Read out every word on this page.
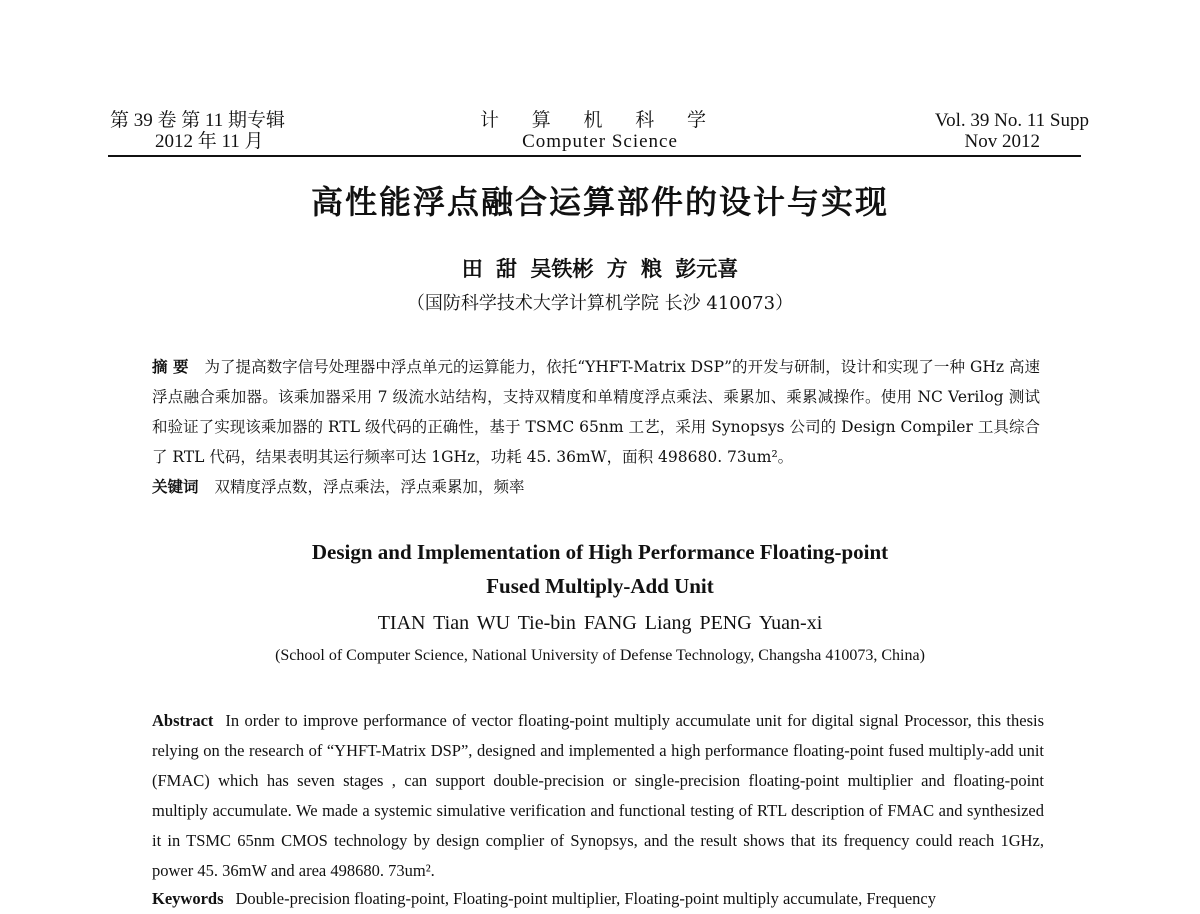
第 39 卷 第 11 期专辑
2012 年 11 月
计 算 机 科 学
Computer Science
Vol. 39 No. 11 Supp
Nov 2012
高性能浮点融合运算部件的设计与实现
田 甜 吴铁彬 方 粮 彭元喜
（国防科学技术大学计算机学院 长沙 410073）

摘 要 为了提高数字信号处理器中浮点单元的运算能力，依托“YHFT-Matrix DSP”的开发与研制，设计和实现了一种 GHz 高速浮点融合乘加器。该乘加器采用 7 级流水站结构，支持双精度和单精度浮点乘法、乘累加、乘累减操作。使用 NC Verilog 测试和验证了实现该乘加器的 RTL 级代码的正确性，基于 TSMC 65nm 工艺，采用 Synopsys 公司的 Design Compiler 工具综合了 RTL 代码，结果表明其运行频率可达 1GHz，功耗 45. 36mW，面积 498680. 73um²。

关键词 双精度浮点数，浮点乘法，浮点乘累加，频率

Design and Implementation of High Performance Floating-point
Fused Multiply-Add Unit
TIAN Tian WU Tie-bin FANG Liang PENG Yuan-xi
(School of Computer Science, National University of Defense Technology, Changsha 410073, China)

Abstract In order to improve performance of vector floating-point multiply accumulate unit for digital signal Processor, this thesis relying on the research of “YHFT-Matrix DSP”, designed and implemented a high performance floating-point fused multiply-add unit (FMAC) which has seven stages , can support double-precision or single-precision floating-point multiplier and floating-point multiply accumulate. We made a systemic simulative verification and functional testing of RTL description of FMAC and synthesized it in TSMC 65nm CMOS technology by design complier of Synopsys, and the result shows that its frequency could reach 1GHz, power 45. 36mW and area 498680. 73um².

Keywords Double-precision floating-point, Floating-point multiplier, Floating-point multiply accumulate, Frequency
